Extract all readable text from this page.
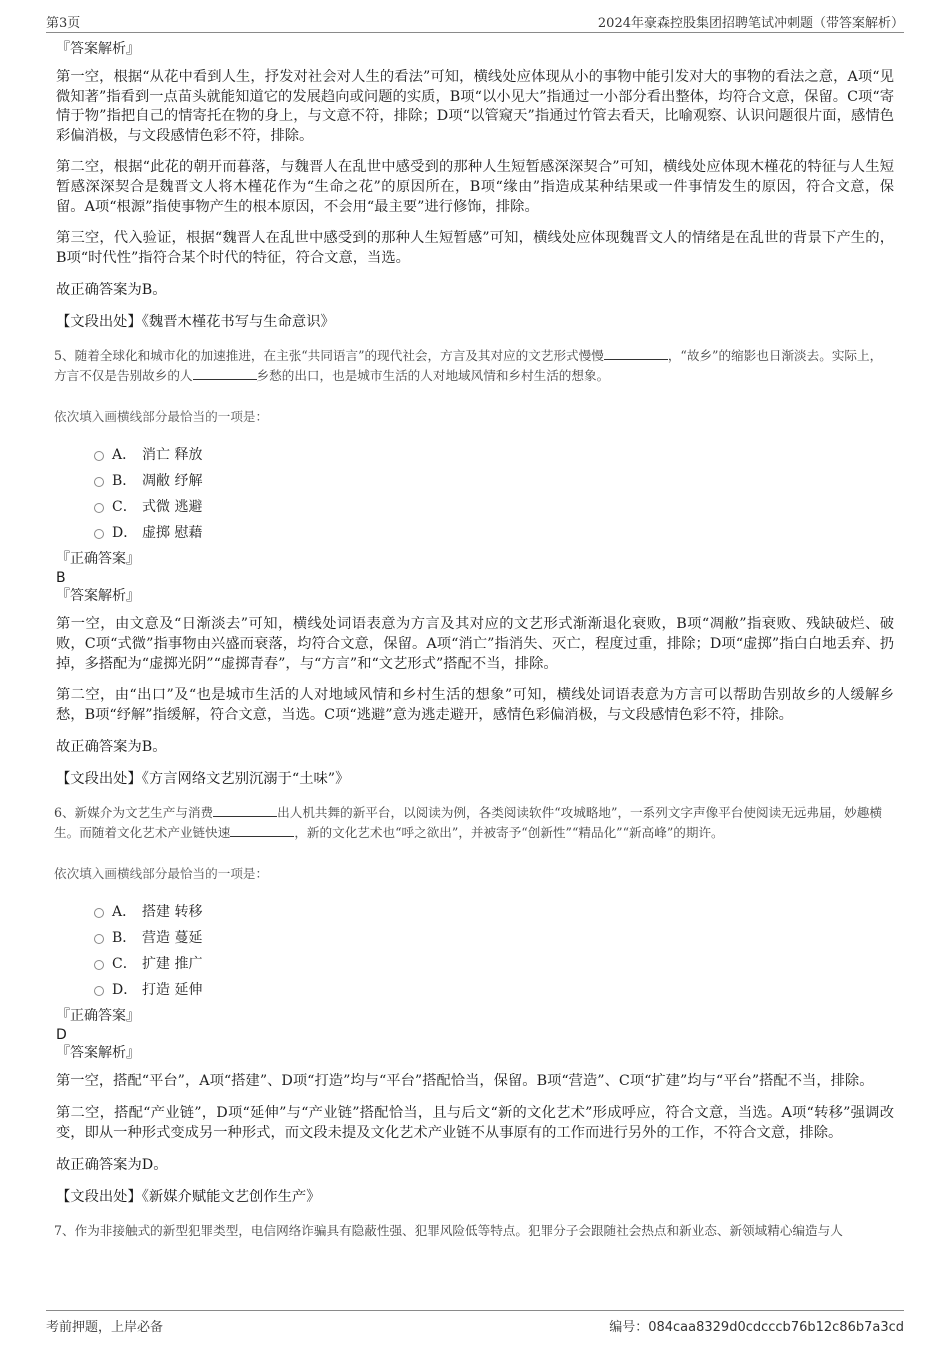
第3页	2024年豪森控股集团招聘笔试冲刺题（带答案解析）
『答案解析』

第一空，根据“从花中看到人生，抒发对社会对人生的看法”可知，横线处应体现从小的事物中能引发对大的事物的看法之意，A项“见微知著”指看到一点苗头就能知道它的发展趋向或问题的实质，B项“以小见大”指通过一小部分看出整体，均符合文意，保留。C项“寄情于物”指把自己的情寄托在物的身上，与文意不符，排除；D项“以管窥天”指通过竹管去看天，比喻观察、认识问题很片面，感情色彩偏消极，与文段感情色彩不符，排除。

第二空，根据“此花的朝开而暮落，与魏晋人在乱世中感受到的那种人生短暂感深深契合”可知，横线处应体现木槿花的特征与人生短暂感深深契合是魏晋文人将木槿花作为“生命之花”的原因所在，B项“缘由”指造成某种结果或一件事情发生的原因，符合文意，保留。A项“根源”指使事物产生的根本原因，不会用“最主要”进行修饰，排除。

第三空，代入验证，根据“魏晋人在乱世中感受到的那种人生短暂感”可知，横线处应体现魏晋文人的情绪是在乱世的背景下产生的，B项“时代性”指符合某个时代的特征，符合文意，当选。

故正确答案为B。

【文段出处】《魏晋木槿花书写与生命意识》

5、随着全球化和城市化的加速推进，在主张“共同语言”的现代社会，方言及其对应的文艺形式慢慢	，“故乡”的缩影也日渐淡去。实际上，方言不仅是告别故乡的人	乡愁的出口，也是城市生活的人对地域风情和乡村生活的想象。
依次填入画横线部分最恰当的一项是：
A． 消亡 释放
B． 凋敝 纾解
C． 式微 逃避
D． 虚掷 慰藉
『正确答案』
B
『答案解析』

第一空，由文意及“日渐淡去”可知，横线处词语表意为方言及其对应的文艺形式渐渐退化衰败，B项“凋敝”指衰败、残缺破烂、破败，C项“式微”指事物由兴盛而衰落，均符合文意，保留。A项“消亡”指消失、灭亡，程度过重，排除；D项“虚掷”指白白地丢弃、扔掉，多搭配为“虚掷光阴”“虚掷青春”，与“方言”和“文艺形式”搭配不当，排除。

第二空，由“出口”及“也是城市生活的人对地域风情和乡村生活的想象”可知，横线处词语表意为方言可以帮助告别故乡的人缓解乡愁，B项“纾解”指缓解，符合文意，当选。C项“逃避”意为逃走避开，感情色彩偏消极，与文段感情色彩不符，排除。

故正确答案为B。

【文段出处】《方言网络文艺别沉溺于“土味”》

6、新媒介为文艺生产与消费	出人机共舞的新平台，以阅读为例，各类阅读软件“攻城略地”，一系列文字声像平台使阅读无远弗届，妙趣横生。而随着文化艺术产业链快速	，新的文化艺术也“呼之欲出”，并被寄予“创新性”“精品化”“新高峰”的期许。
依次填入画横线部分最恰当的一项是：
A． 搭建 转移
B． 营造 蔓延
C． 扩建 推广
D． 打造 延伸
『正确答案』
D
『答案解析』

第一空，搭配“平台”，A项“搭建”、D项“打造”均与“平台”搭配恰当，保留。B项“营造”、C项“扩建”均与“平台”搭配不当，排除。

第二空，搭配“产业链”，D项“延伸”与“产业链”搭配恰当，且与后文“新的文化艺术”形成呼应，符合文意，当选。A项“转移”强调改变，即从一种形式变成另一种形式，而文段未提及文化艺术产业链不从事原有的工作而进行另外的工作，不符合文意，排除。

故正确答案为D。

【文段出处】《新媒介赋能文艺创作生产》

7、作为非接触式的新型犯罪类型，电信网络诈骗具有隐蔽性强、犯罪风险低等特点。犯罪分子会跟随社会热点和新业态、新领域精心编造与人
考前押题，上岸必备	编号：084caa8329d0cdcccb76b12c86b7a3cd
